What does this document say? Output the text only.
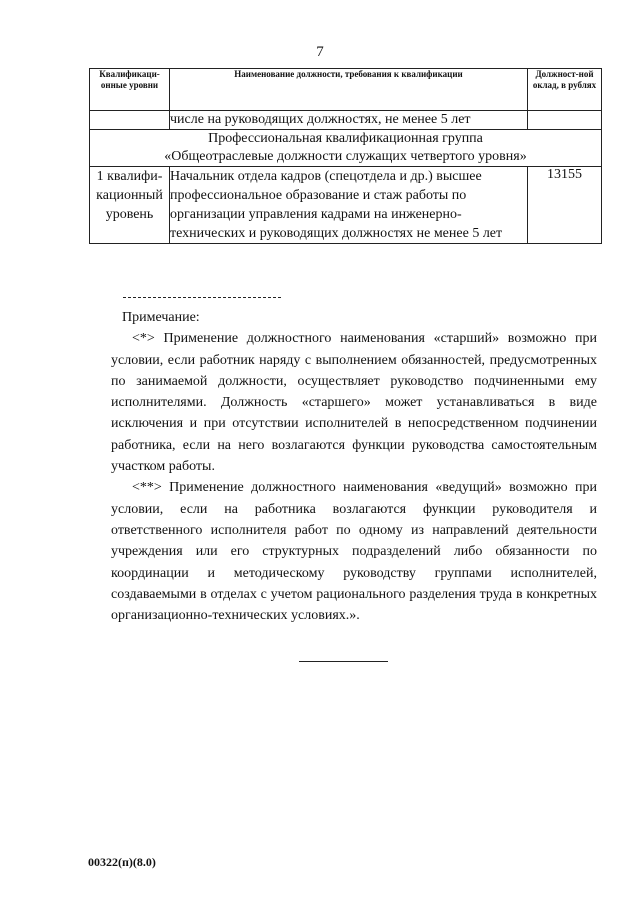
7
Квалификаци-онные уровни	Наименование должности, требования к квалификации	Должност-ной оклад, в рублях
	числе на руководящих должностях, не менее 5 лет	

Профессиональная квалификационная группа
«Общеотраслевые должности служащих четвертого уровня»		

1 квалифи-кационный уровень	Начальник отдела кадров (спецотдела и др.) высшее профессиональное образование и стаж работы по организации управления кадрами на инженерно-технических и руководящих должностях не менее 5 лет	13155

Примечание:

<*> Применение должностного наименования «старший» возможно при условии, если работник наряду с выполнением обязанностей, предусмотренных по занимаемой должности, осуществляет руководство подчиненными ему исполнителями. Должность «старшего» может устанавливаться в виде исключения и при отсутствии исполнителей в непосредственном подчинении работника, если на него возлагаются функции руководства самостоятельным участком работы.

<**> Применение должностного наименования «ведущий» возможно при условии, если на работника возлагаются функции руководителя и ответственного исполнителя работ по одному из направлений деятельности учреждения или его структурных подразделений либо обязанности по координации и методическому руководству группами исполнителей, создаваемыми в отделах с учетом рационального разделения труда в конкретных организационно-технических условиях.».

00322(п)(8.0)
